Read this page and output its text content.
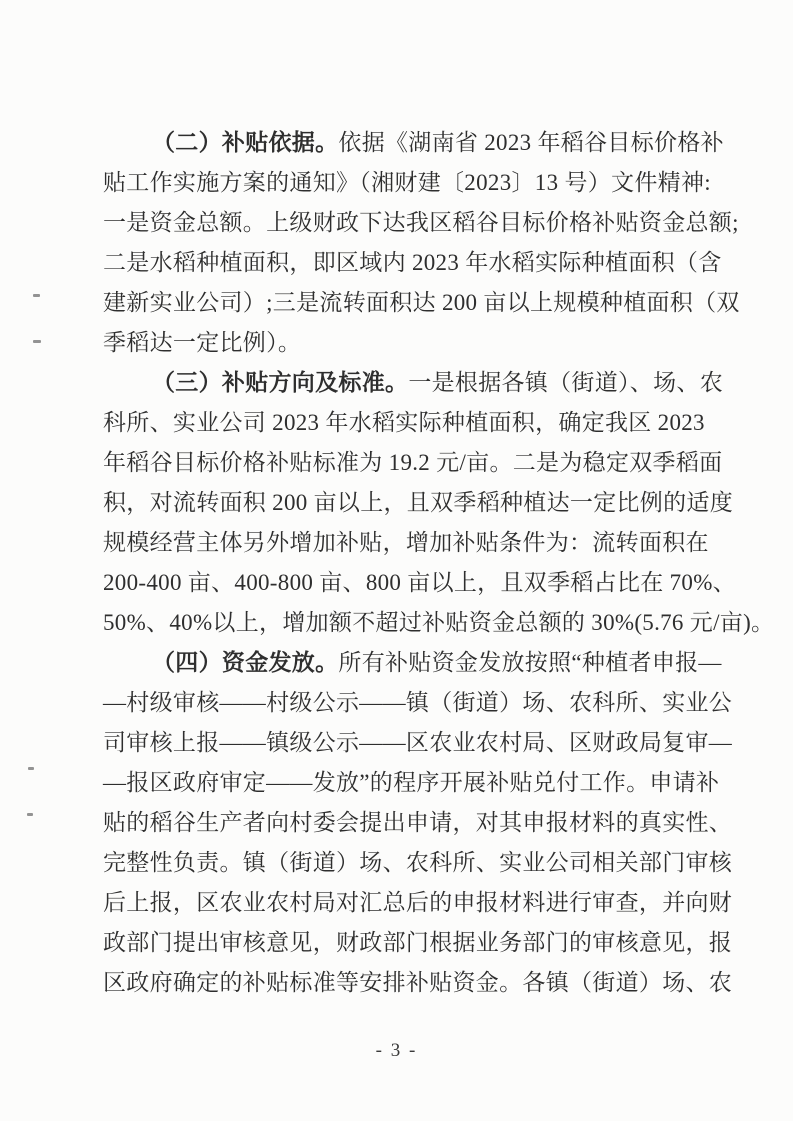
（二）补贴依据。依据《湖南省 2023 年稻谷目标价格补
贴工作实施方案的通知》（湘财建〔2023〕13 号）文件精神:
一是资金总额。上级财政下达我区稻谷目标价格补贴资金总额;
二是水稻种植面积，即区域内 2023 年水稻实际种植面积（含
建新实业公司）;三是流转面积达 200 亩以上规模种植面积（双
季稻达一定比例）。
（三）补贴方向及标准。一是根据各镇（街道）、场、农
科所、实业公司 2023 年水稻实际种植面积，确定我区 2023
年稻谷目标价格补贴标准为 19.2 元/亩。二是为稳定双季稻面
积，对流转面积 200 亩以上，且双季稻种植达一定比例的适度
规模经营主体另外增加补贴，增加补贴条件为：流转面积在
200-400 亩、400-800 亩、800 亩以上，且双季稻占比在 70%、
50%、40%以上，增加额不超过补贴资金总额的 30%(5.76 元/亩)。
（四）资金发放。所有补贴资金发放按照“种植者申报—
—村级审核——村级公示——镇（街道）场、农科所、实业公
司审核上报——镇级公示——区农业农村局、区财政局复审—
—报区政府审定——发放”的程序开展补贴兑付工作。申请补
贴的稻谷生产者向村委会提出申请，对其申报材料的真实性、
完整性负责。镇（街道）场、农科所、实业公司相关部门审核
后上报，区农业农村局对汇总后的申报材料进行审查，并向财
政部门提出审核意见，财政部门根据业务部门的审核意见，报
区政府确定的补贴标准等安排补贴资金。各镇（街道）场、农
- 3 -
